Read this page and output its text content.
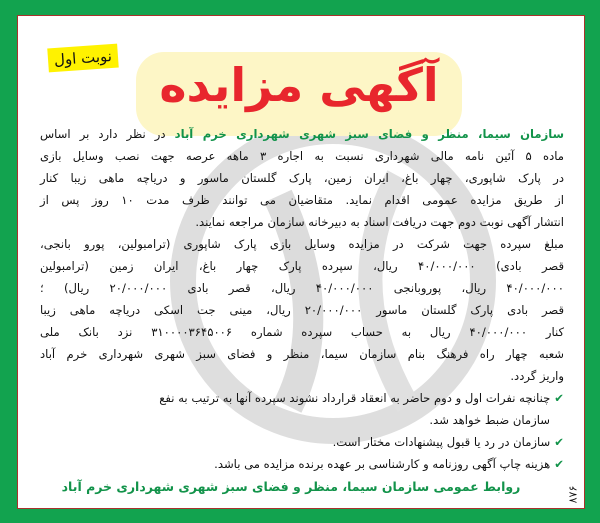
آگهی مزایده
نوبت اول
سازمان سیما، منظر و فضای سبز شهری شهرداری خرم آباد در نظر دارد بر اساس
ماده ۵ آئین نامه مالی شهرداری نسبت به اجاره ۳ ماهه عرصه جهت نصب وسایل بازی
در پارک شاپوری، چهار باغ، ایران زمین، پارک گلستان ماسور و دریاچه ماهی زیبا کنار
از طریق مزایده عمومی اقدام نماید. متقاضیان می توانند ظرف مدت ۱۰ روز پس از
انتشار آگهی نوبت دوم جهت دریافت اسناد به دبیرخانه سازمان مراجعه نمایند.
مبلغ سپرده جهت شرکت در مزایده وسایل بازی پارک شاپوری (ترامبولین، پورو بانجی،
قصر بادی) ۴۰/۰۰۰/۰۰۰ ریال، سپرده پارک چهار باغ، ایران زمین (ترامبولین
۴۰/۰۰۰/۰۰۰ ریال، پوروبانجی ۴۰/۰۰۰/۰۰۰ ریال، قصر بادی ۲۰/۰۰۰/۰۰۰ ریال) ؛
قصر بادی پارک گلستان ماسور ۲۰/۰۰۰/۰۰۰ ریال، مینی جت اسکی دریاچه ماهی زیبا
کنار ۴۰/۰۰۰/۰۰۰ ریال به حساب سپرده شماره ۳۱۰۰۰۰۳۶۴۵۰۰۶ نزد بانک ملی
شعبه چهار راه فرهنگ بنام سازمان سیما، منظر و فضای سبز شهری شهرداری خرم آباد
واریز گردد.
✔چنانچه نفرات اول و دوم حاضر به انعقاد قرارداد نشوند سپرده آنها به ترتیب به نفع
سازمان ضبط خواهد شد.
✔سازمان در رد یا قبول پیشنهادات مختار است.
✔هزینه چاپ آگهی روزنامه و کارشناسی بر عهده برنده مزایده می باشد.
روابط عمومی سازمان سیما، منظر و فضای سبز شهری شهرداری خرم آباد	۸۷۶
